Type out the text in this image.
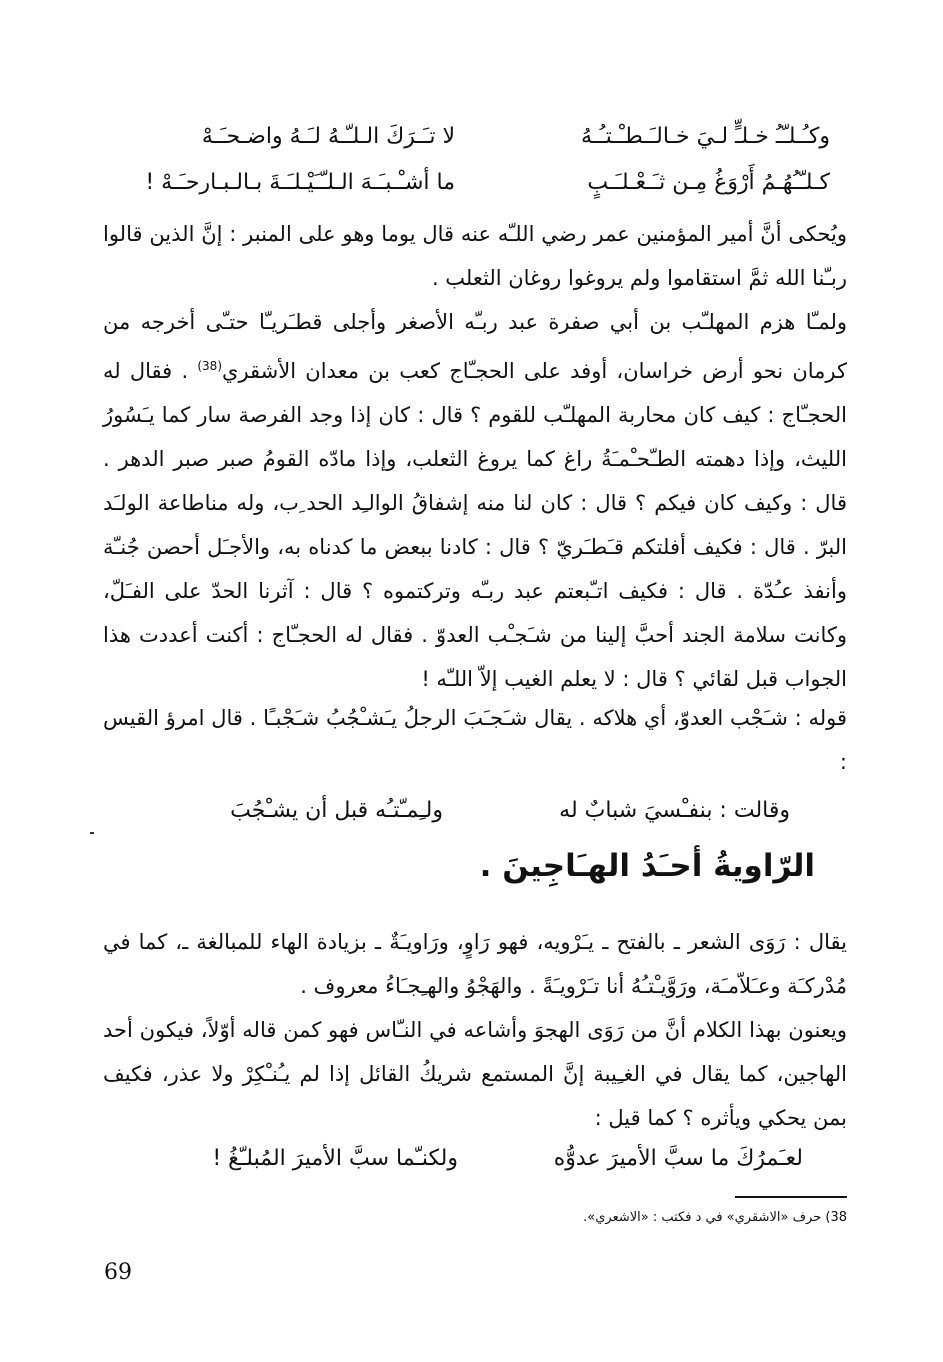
وكـُـلـّـُ خـلـٍّ لـيَ خـالـَـطـْـتـُـهُ
لا تـَـرَكَ الـلـّـهُ لـَـهُ واضـحـَـهْ
كـلـّـُهُـمُ أَرْوَغُ مِـن ثـَـعْـلـَـبٍ
ما أشـْـبـَـهَ الـلـّـَيْـلـَـةَ بـالـبـارحـَـهْ !

ويُحكى أنَّ أمير المؤمنين عمر رضي اللـّه عنه قال يوما وهو على المنبر : إنَّ الذين قالوا ربـّنا الله ثمَّ استقاموا ولم يروغوا روغان الثعلب .

ولمـّا هزم المهلـّب بن أبي صفرة عبد ربـّه الأصغر وأجلى قطـَريـّا حتـّى أخرجه من كرمان نحو أرض خراسان، أوفد على الحجـّاج كعب بن معدان الأشقري$^{(38)}$ . فقال له الحجـّاج : كيف كان محاربة المهلـّب للقوم ؟ قال : كان إذا وجد الفرصة سار كما يـَسُورُ الليث، وإذا دهمته الطـّحـْمـَةُ راغ كما يروغ الثعلب، وإذا مادّه القومُ صبر صبر الدهر . قال : وكيف كان فيكم ؟ قال : كان لنا منه إشفاقُ الوالـِد الحد ِب، وله مناطاعة الولـَد البرّ . قال : فكيف أفلتكم قـَطـَريّ ؟ قال : كادنا ببعض ما كدناه به، والأجـَل أحصن جُنـّة وأنفذ عـُدّة . قال : فكيف اتـّبعتم عبد ربـّه وتركتموه ؟ قال : آثرنا الحدّ على الفـَلّ، وكانت سلامة الجند أحبَّ إلينا من شـَجـْب العدوّ . فقال له الحجـّاج : أكنت أعددت هذا الجواب قبل لقائي ؟ قال : لا يعلم الغيب إلاّ اللـّه !

قوله : شـَجْب العدوّ، أي هلاكه . يقال شـَجـَبَ الرجلُ يـَشـْجُبُ شـَجْبـًا . قال امرؤ القيس :

وقالت : بنفـْسيَ شبابٌ له
ولـِمـّتـُه قبل أن يشـْجُبَ
الرّاويةُ أحـَدُ الهـَاجِينَ .

يقال : رَوَى الشعر ـ بالفتح ـ يـَرْويه، فهو رَاوٍ، ورَاويـَةٌ ـ بزيادة الهاء للمبالغة ـ، كما في مُدْركـَة وعـَلاّمـَة، ورَوَّيـْتـُهُ أنا تـَرْويـَةً . والهَجْوُ والهـِجـَاءُ معروف .

ويعنون بهذا الكلام أنَّ من رَوَى الهجوَ وأشاعه في النـّاس فهو كمن قاله أوّلاً، فيكون أحد الهاجين، كما يقال في الغـِيبة إنَّ المستمع شريكُ القائل إذا لم يـُنـْكِرْ ولا عذر، فكيف بمن يحكي ويأثره ؟ كما قيل :

لعـَمرُكَ ما سبَّ الأميرَ عدوُّه
ولكنـّما سبَّ الأميرَ المُبلـّغُ !
38) حرف «الاشقري» في د فكتب : «الاشعري».
69
